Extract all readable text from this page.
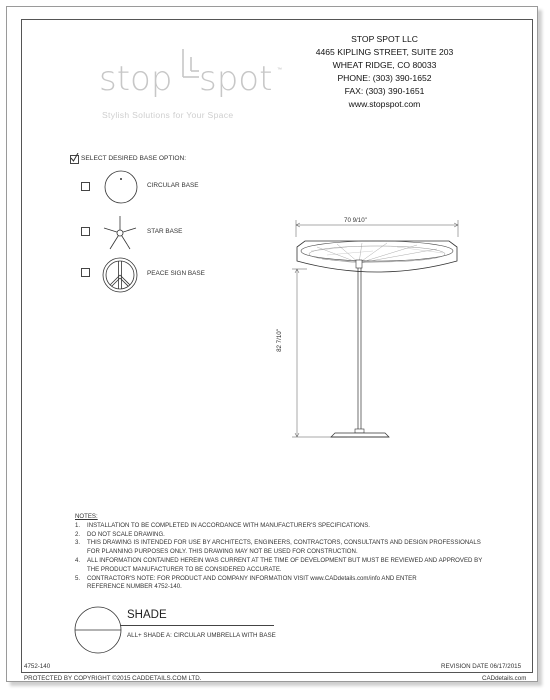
stop spot ™
Stylish Solutions for Your Space
STOP SPOT LLC
4465 KIPLING STREET, SUITE 203
WHEAT RIDGE, CO 80033
PHONE: (303) 390-1652
FAX: (303) 390-1651
www.stopspot.com
SELECT DESIRED BASE OPTION:
CIRCULAR BASE
STAR BASE
PEACE SIGN BASE
70 9/10"
82 7/10"
NOTES:
1. INSTALLATION TO BE COMPLETED IN ACCORDANCE WITH MANUFACTURER'S SPECIFICATIONS.
2. DO NOT SCALE DRAWING.
3. THIS DRAWING IS INTENDED FOR USE BY ARCHITECTS, ENGINEERS, CONTRACTORS, CONSULTANTS AND DESIGN PROFESSIONALS
FOR PLANNING PURPOSES ONLY. THIS DRAWING MAY NOT BE USED FOR CONSTRUCTION.
4. ALL INFORMATION CONTAINED HEREIN WAS CURRENT AT THE TIME OF DEVELOPMENT BUT MUST BE REVIEWED AND APPROVED BY
THE PRODUCT MANUFACTURER TO BE CONSIDERED ACCURATE.
5. CONTRACTOR'S NOTE: FOR PRODUCT AND COMPANY INFORMATION VISIT www.CADdetails.com/info AND ENTER
REFERENCE NUMBER 4752-140.
SHADE
ALL+ SHADE A: CIRCULAR UMBRELLA WITH BASE
4752-140	REVISION DATE 06/17/2015
PROTECTED BY COPYRIGHT ©2015 CADDETAILS.COM LTD.	CADdetails.com
